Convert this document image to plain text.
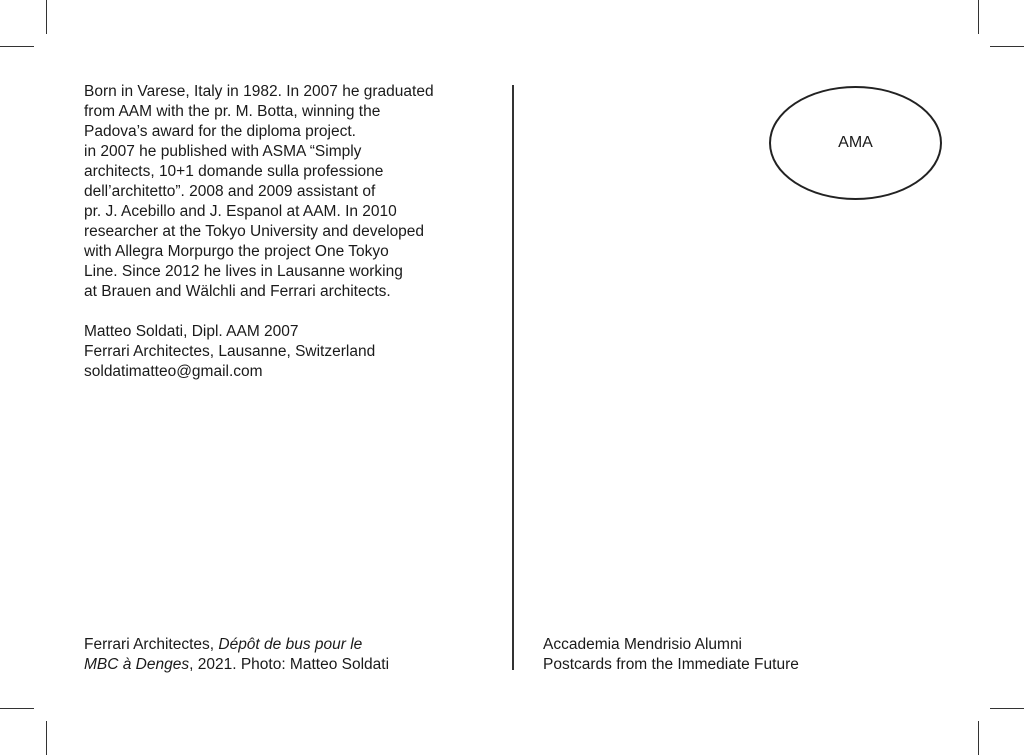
Born in Varese, Italy in 1982. In 2007 he graduated

from AAM with the pr. M. Botta, winning the

Padova’s award for the diploma project.

in 2007 he published with ASMA “Simply

architects, 10+1 domande sulla professione

dell’architetto”. 2008 and 2009 assistant of

pr. J. Acebillo and J. Espanol at AAM. In 2010

researcher at the Tokyo University and developed

with Allegra Morpurgo the project One Tokyo

Line. Since 2012 he lives in Lausanne working

at Brauen and Wälchli and Ferrari architects.

Matteo Soldati, Dipl. AAM 2007
Ferrari Architectes, Lausanne, Switzerland
soldatimatteo@gmail.com
AMA
Ferrari Architectes, Dépôt de bus pour le
MBC à Denges, 2021. Photo: Matteo Soldati
Accademia Mendrisio Alumni
Postcards from the Immediate Future
